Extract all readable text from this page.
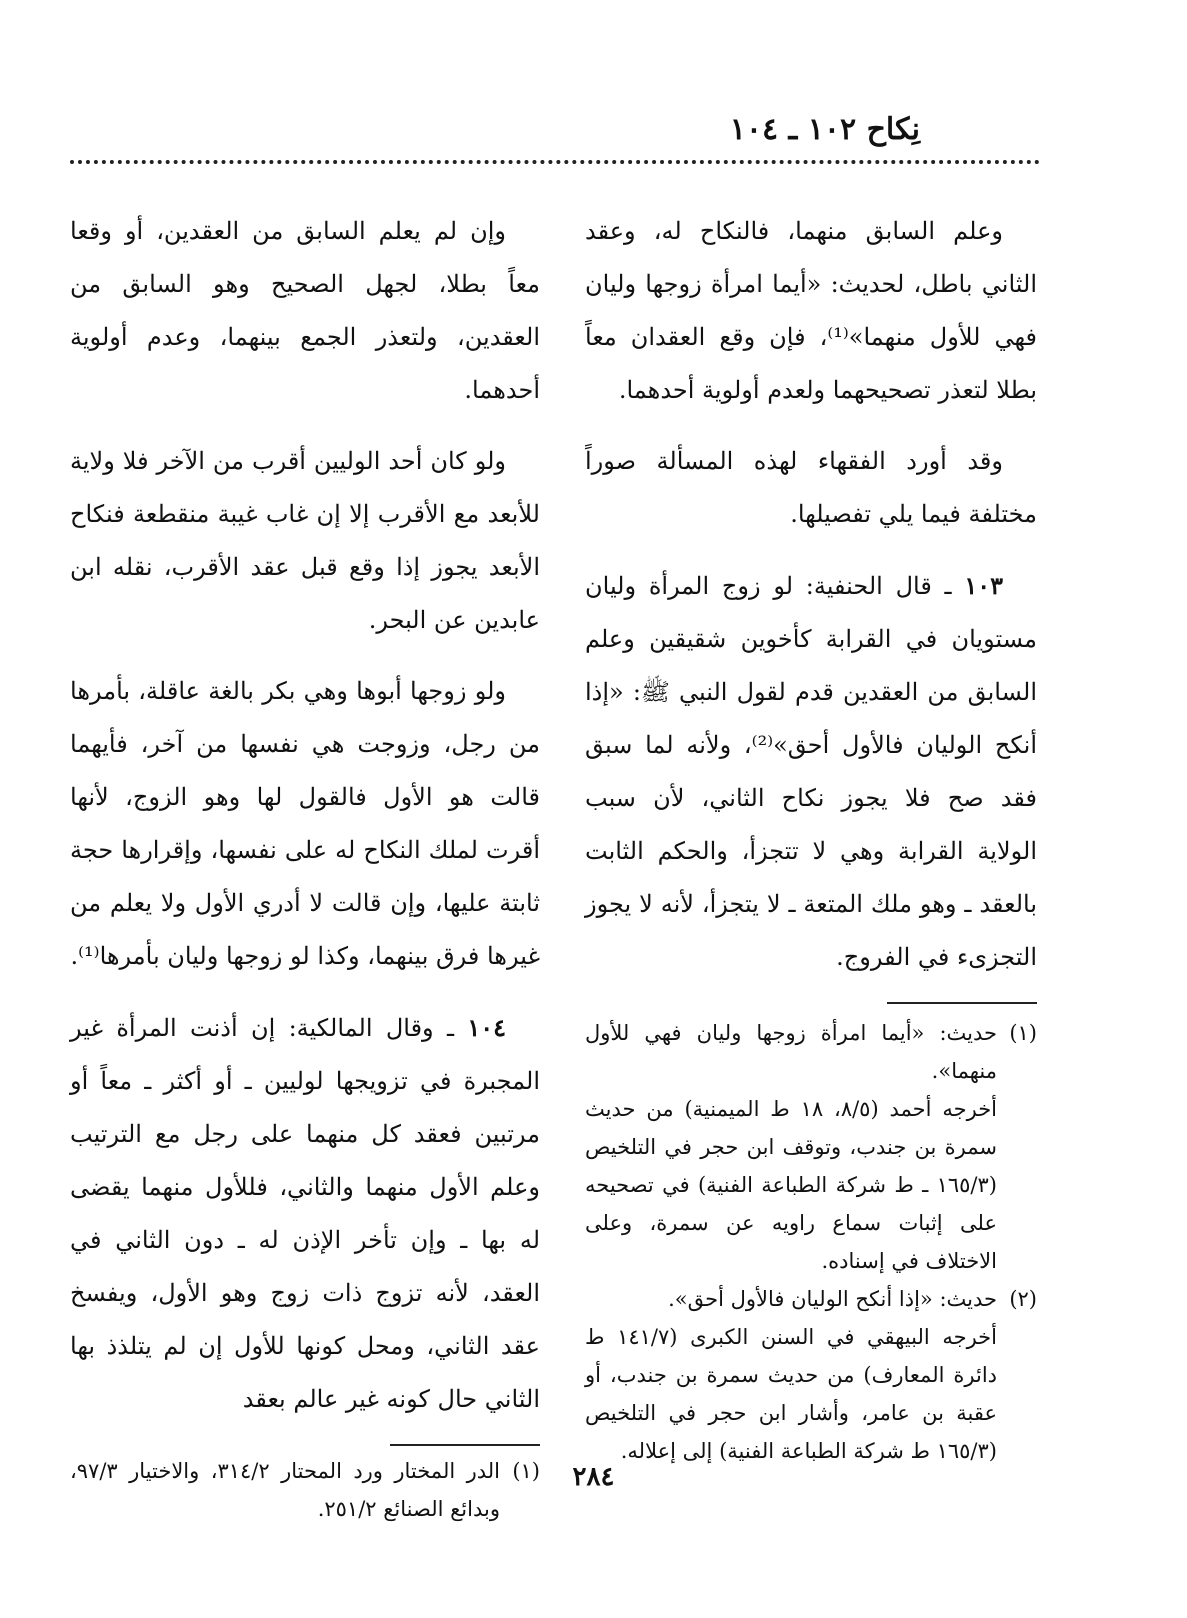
نِكاح ١٠٢ ـ ١٠٤

وعلم السابق منهما، فالنكاح له، وعقد الثاني باطل، لحديث: «أيما امرأة زوجها وليان فهي للأول منهما»⁽¹⁾، فإن وقع العقدان معاً بطلا لتعذر تصحيحهما ولعدم أولوية أحدهما.

وقد أورد الفقهاء لهذه المسألة صوراً مختلفة فيما يلي تفصيلها.

١٠٣ ـ قال الحنفية: لو زوج المرأة وليان مستويان في القرابة كأخوين شقيقين وعلم السابق من العقدين قدم لقول النبي ﷺ: «إذا أنكح الوليان فالأول أحق»⁽²⁾، ولأنه لما سبق فقد صح فلا يجوز نكاح الثاني، لأن سبب الولاية القرابة وهي لا تتجزأ، والحكم الثابت بالعقد ـ وهو ملك المتعة ـ لا يتجزأ، لأنه لا يجوز التجزىء في الفروج.

(١)
حديث: «أيما امرأة زوجها وليان فهي للأول منهما».
أخرجه أحمد (٨/٥، ١٨ ط الميمنية) من حديث سمرة بن جندب، وتوقف ابن حجر في التلخيص (١٦٥/٣ ـ ط شركة الطباعة الفنية) في تصحيحه على إثبات سماع راويه عن سمرة، وعلى الاختلاف في إسناده.
(٢)
حديث: «إذا أنكح الوليان فالأول أحق».
أخرجه البيهقي في السنن الكبرى (١٤١/٧ ط دائرة المعارف) من حديث سمرة بن جندب، أو عقبة بن عامر، وأشار ابن حجر في التلخيص (١٦٥/٣ ط شركة الطباعة الفنية) إلى إعلاله.

وإن لم يعلم السابق من العقدين، أو وقعا معاً بطلا، لجهل الصحيح وهو السابق من العقدين، ولتعذر الجمع بينهما، وعدم أولوية أحدهما.

ولو كان أحد الوليين أقرب من الآخر فلا ولاية للأبعد مع الأقرب إلا إن غاب غيبة منقطعة فنكاح الأبعد يجوز إذا وقع قبل عقد الأقرب، نقله ابن عابدين عن البحر.

ولو زوجها أبوها وهي بكر بالغة عاقلة، بأمرها من رجل، وزوجت هي نفسها من آخر، فأيهما قالت هو الأول فالقول لها وهو الزوج، لأنها أقرت لملك النكاح له على نفسها، وإقرارها حجة ثابتة عليها، وإن قالت لا أدري الأول ولا يعلم من غيرها فرق بينهما، وكذا لو زوجها وليان بأمرها⁽¹⁾.

١٠٤ ـ وقال المالكية: إن أذنت المرأة غير المجبرة في تزويجها لوليين ـ أو أكثر ـ معاً أو مرتبين فعقد كل منهما على رجل مع الترتيب وعلم الأول منهما والثاني، فللأول منهما يقضى له بها ـ وإن تأخر الإذن له ـ دون الثاني في العقد، لأنه تزوج ذات زوج وهو الأول، ويفسخ عقد الثاني، ومحل كونها للأول إن لم يتلذذ بها الثاني حال كونه غير عالم بعقد

(١)
الدر المختار ورد المحتار ٣١٤/٢، والاختيار ٩٧/٣، وبدائع الصنائع ٢٥١/٢.
٢٨٤
